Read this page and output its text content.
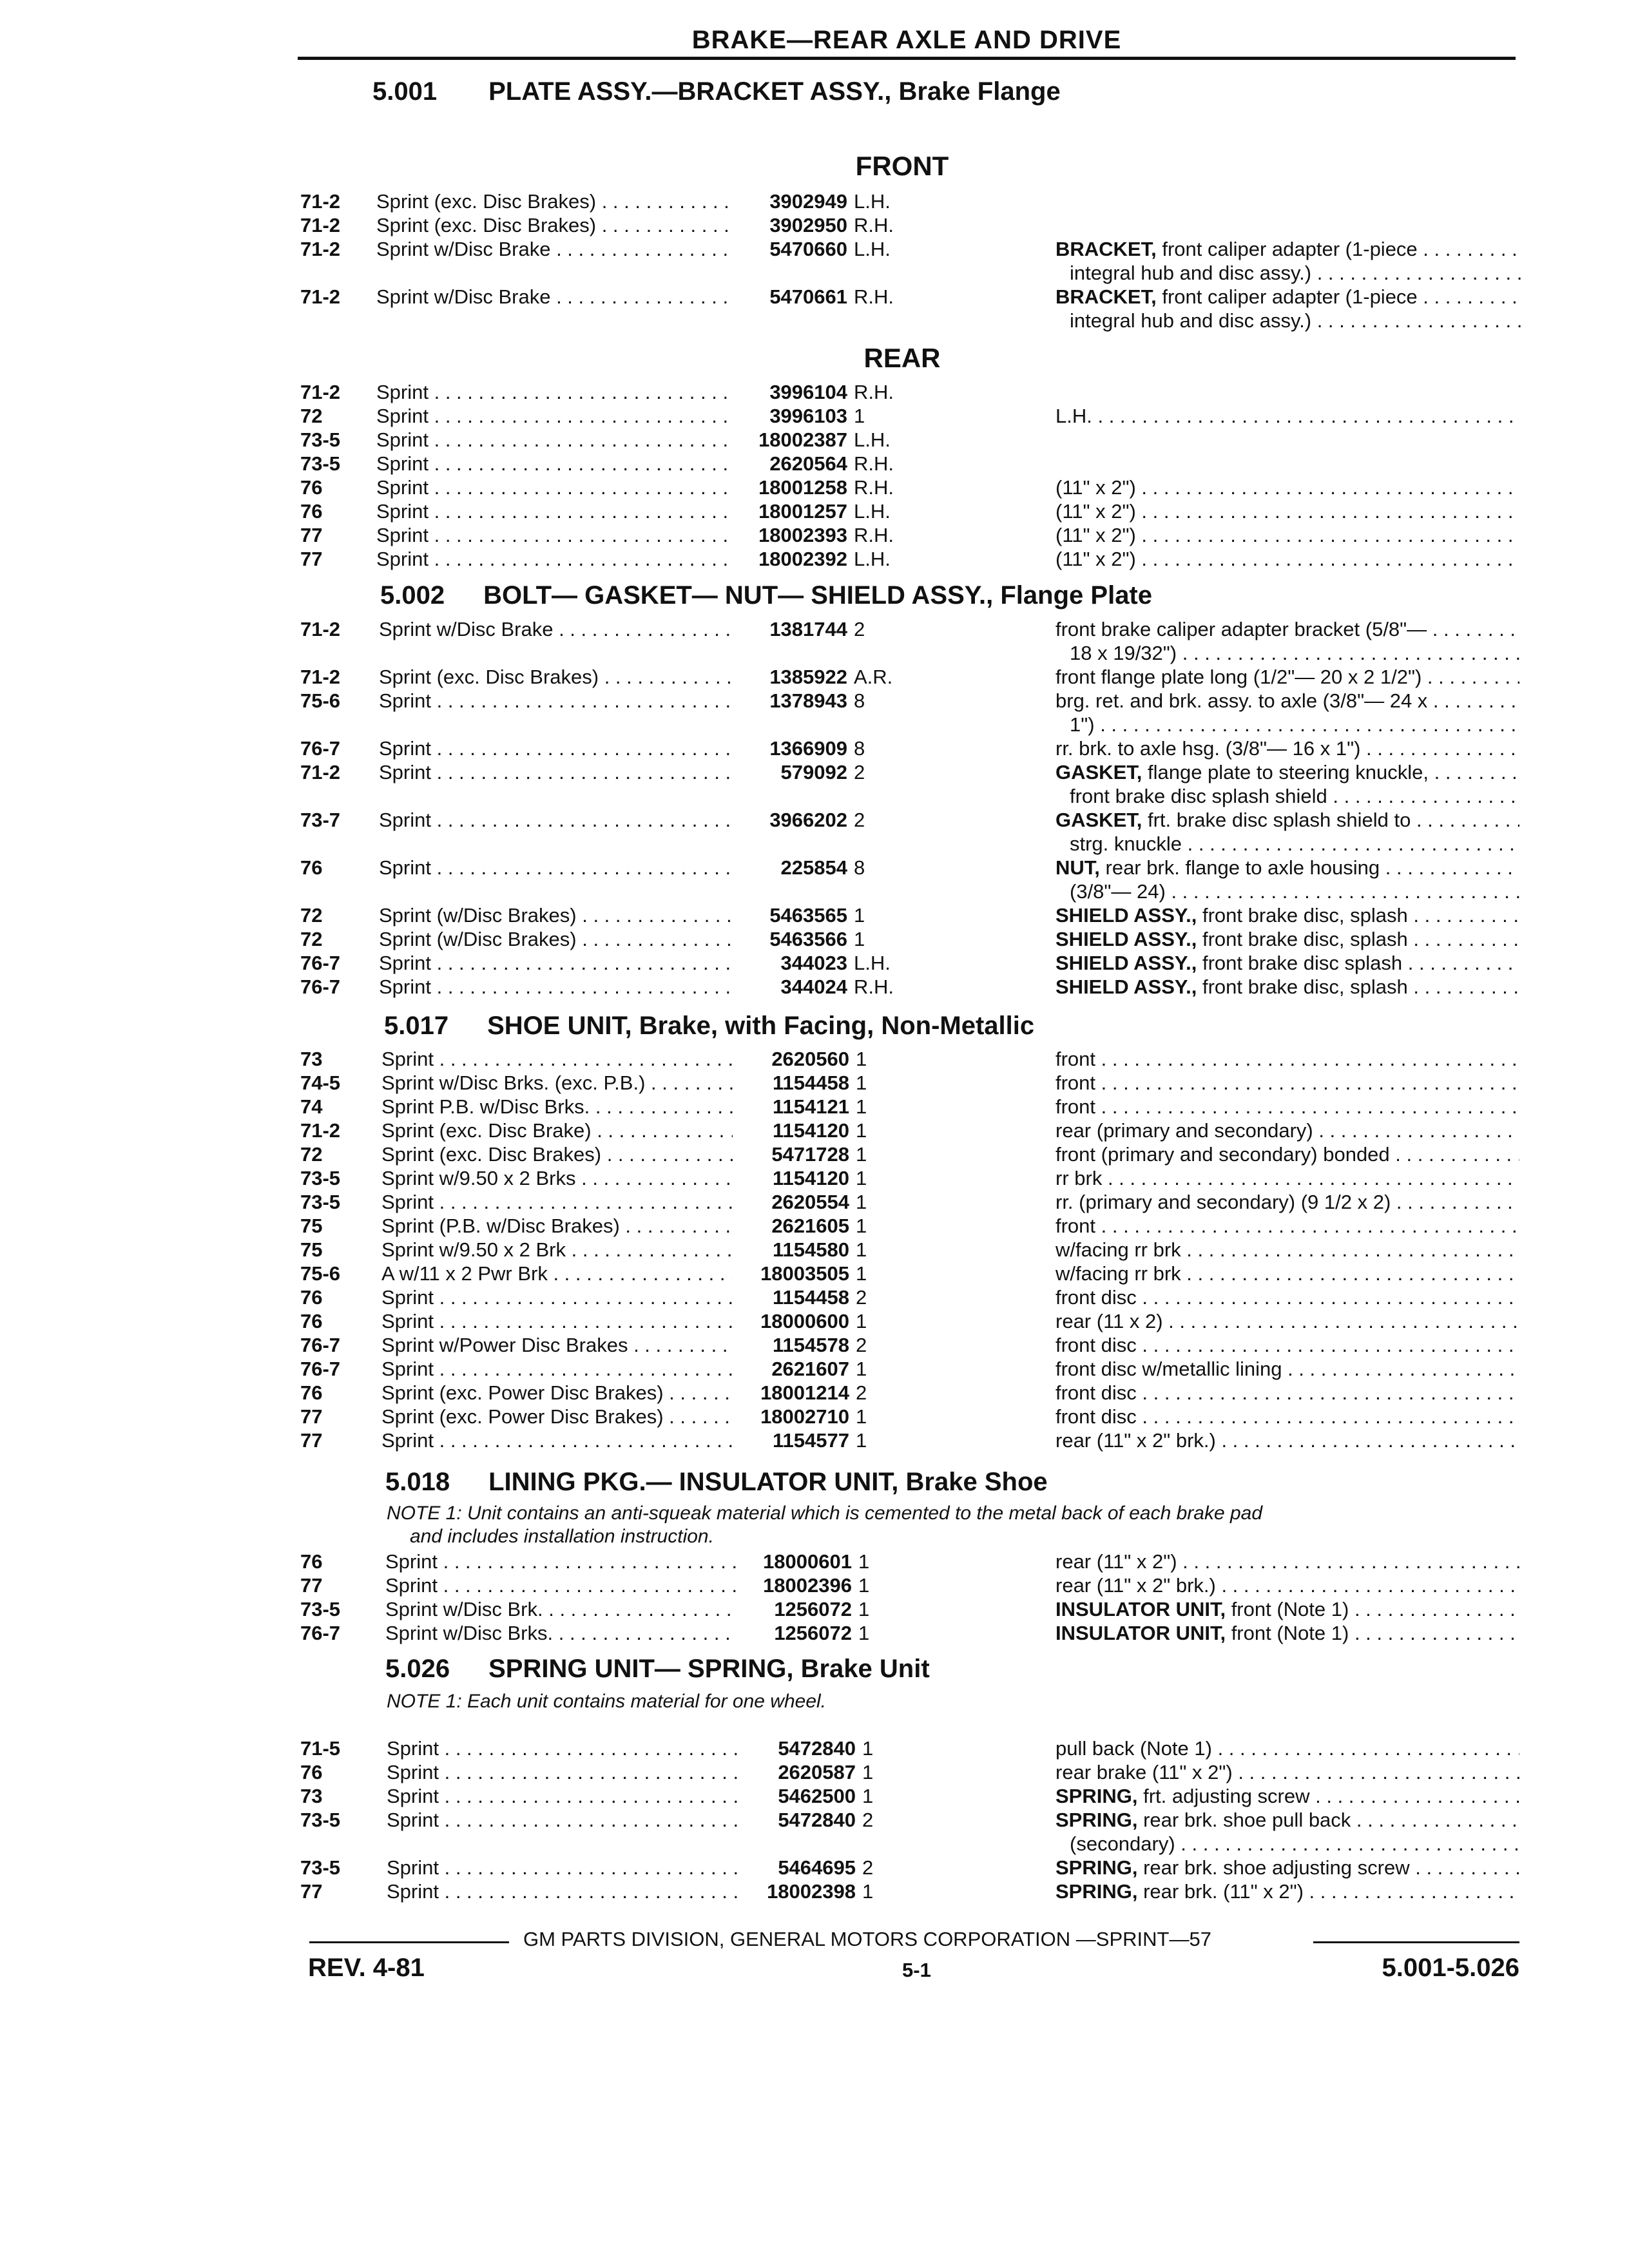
BRAKE—REAR AXLE AND DRIVE
5.001 PLATE ASSY.—BRACKET ASSY., Brake Flange
FRONT
71-2	Sprint (exc. Disc Brakes) . . .	3902949 L.H.
71-2	Sprint (exc. Disc Brakes) . . .	3902950 R.H.
71-2	Sprint w/Disc Brake . . .	5470660 L.H.	BRACKET, front caliper adapter (1-piece . . .
integral hub and disc assy.) . . .
71-2	Sprint w/Disc Brake . . .	5470661 R.H.	BRACKET, front caliper adapter (1-piece . . .
integral hub and disc assy.) . . .
REAR
71-2	Sprint . . .	3996104 R.H.
72	Sprint . . .	3996103 1	L.H. . . .
73-5	Sprint . . .	18002387 L.H.
73-5	Sprint . . .	2620564 R.H.
76	Sprint . . .	18001258 R.H.	(11" x 2") . . .
76	Sprint . . .	18001257 L.H.	(11" x 2") . . .
77	Sprint . . .	18002393 R.H.	(11" x 2") . . .
77	Sprint . . .	18002392 L.H.	(11" x 2") . . .
5.002 BOLT— GASKET— NUT— SHIELD ASSY., Flange Plate
71-2	Sprint w/Disc Brake . . .	1381744 2	front brake caliper adapter bracket (5/8"— . . .
18 x 19/32") . . .
71-2	Sprint (exc. Disc Brakes) . . .	1385922 A.R.	front flange plate long (1/2"— 20 x 2 1/2") . . .
75-6	Sprint . . .	1378943 8	brg. ret. and brk. assy. to axle (3/8"— 24 x . . .
1") . . .
76-7	Sprint . . .	1366909 8	rr. brk. to axle hsg. (3/8"— 16 x 1") . . .
71-2	Sprint . . .	579092 2	GASKET, flange plate to steering knuckle, . . .
front brake disc splash shield . . .
73-7	Sprint . . .	3966202 2	GASKET, frt. brake disc splash shield to . . .
strg. knuckle . . .
76	Sprint . . .	225854 8	NUT, rear brk. flange to axle housing . . .
(3/8"— 24) . . .
72	Sprint (w/Disc Brakes) . . .	5463565 1	SHIELD ASSY., front brake disc, splash . . .
72	Sprint (w/Disc Brakes) . . .	5463566 1	SHIELD ASSY., front brake disc, splash . . .
76-7	Sprint . . .	344023 L.H.	SHIELD ASSY., front brake disc splash . . .
76-7	Sprint . . .	344024 R.H.	SHIELD ASSY., front brake disc, splash . . .
5.017 SHOE UNIT, Brake, with Facing, Non-Metallic
73	Sprint . . .	2620560 1	front . . .
74-5	Sprint w/Disc Brks. (exc. P.B.) . . .	1154458 1	front . . .
74	Sprint P.B. w/Disc Brks. . . .	1154121 1	front . . .
71-2	Sprint (exc. Disc Brake) . . .	1154120 1	rear (primary and secondary) . . .
72	Sprint (exc. Disc Brakes) . . .	5471728 1	front (primary and secondary) bonded . . .
73-5	Sprint w/9.50 x 2 Brks . . .	1154120 1	rr brk . . .
73-5	Sprint . . .	2620554 1	rr. (primary and secondary) (9 1/2 x 2) . . .
75	Sprint (P.B. w/Disc Brakes) . . .	2621605 1	front . . .
75	Sprint w/9.50 x 2 Brk . . .	1154580 1	w/facing rr brk . . .
75-6	A w/11 x 2 Pwr Brk . . .	18003505 1	w/facing rr brk . . .
76	Sprint . . .	1154458 2	front disc . . .
76	Sprint . . .	18000600 1	rear (11 x 2) . . .
76-7	Sprint w/Power Disc Brakes . . .	1154578 2	front disc . . .
76-7	Sprint . . .	2621607 1	front disc w/metallic lining . . .
76	Sprint (exc. Power Disc Brakes) . . .	18001214 2	front disc . . .
77	Sprint (exc. Power Disc Brakes) . . .	18002710 1	front disc . . .
77	Sprint . . .	1154577 1	rear (11" x 2" brk.) . . .
5.018 LINING PKG.— INSULATOR UNIT, Brake Shoe
NOTE 1: Unit contains an anti-squeak material which is cemented to the metal back of each brake pad
and includes installation instruction.
76	Sprint . . .	18000601 1	rear (11" x 2") . . .
77	Sprint . . .	18002396 1	rear (11" x 2" brk.) . . .
73-5	Sprint w/Disc Brk. . . .	1256072 1	INSULATOR UNIT, front (Note 1) . . .
76-7	Sprint w/Disc Brks. . . .	1256072 1	INSULATOR UNIT, front (Note 1) . . .
5.026 SPRING UNIT— SPRING, Brake Unit
NOTE 1: Each unit contains material for one wheel.
71-5	Sprint . . .	5472840 1	pull back (Note 1) . . .
76	Sprint . . .	2620587 1	rear brake (11" x 2") . . .
73	Sprint . . .	5462500 1	SPRING, frt. adjusting screw . . .
73-5	Sprint . . .	5472840 2	SPRING, rear brk. shoe pull back . . .
(secondary) . . .
73-5	Sprint . . .	5464695 2	SPRING, rear brk. shoe adjusting screw . . .
77	Sprint . . .	18002398 1	SPRING, rear brk. (11" x 2") . . .
GM PARTS DIVISION, GENERAL MOTORS CORPORATION —SPRINT—57
REV. 4-81	5-1	5.001-5.026
